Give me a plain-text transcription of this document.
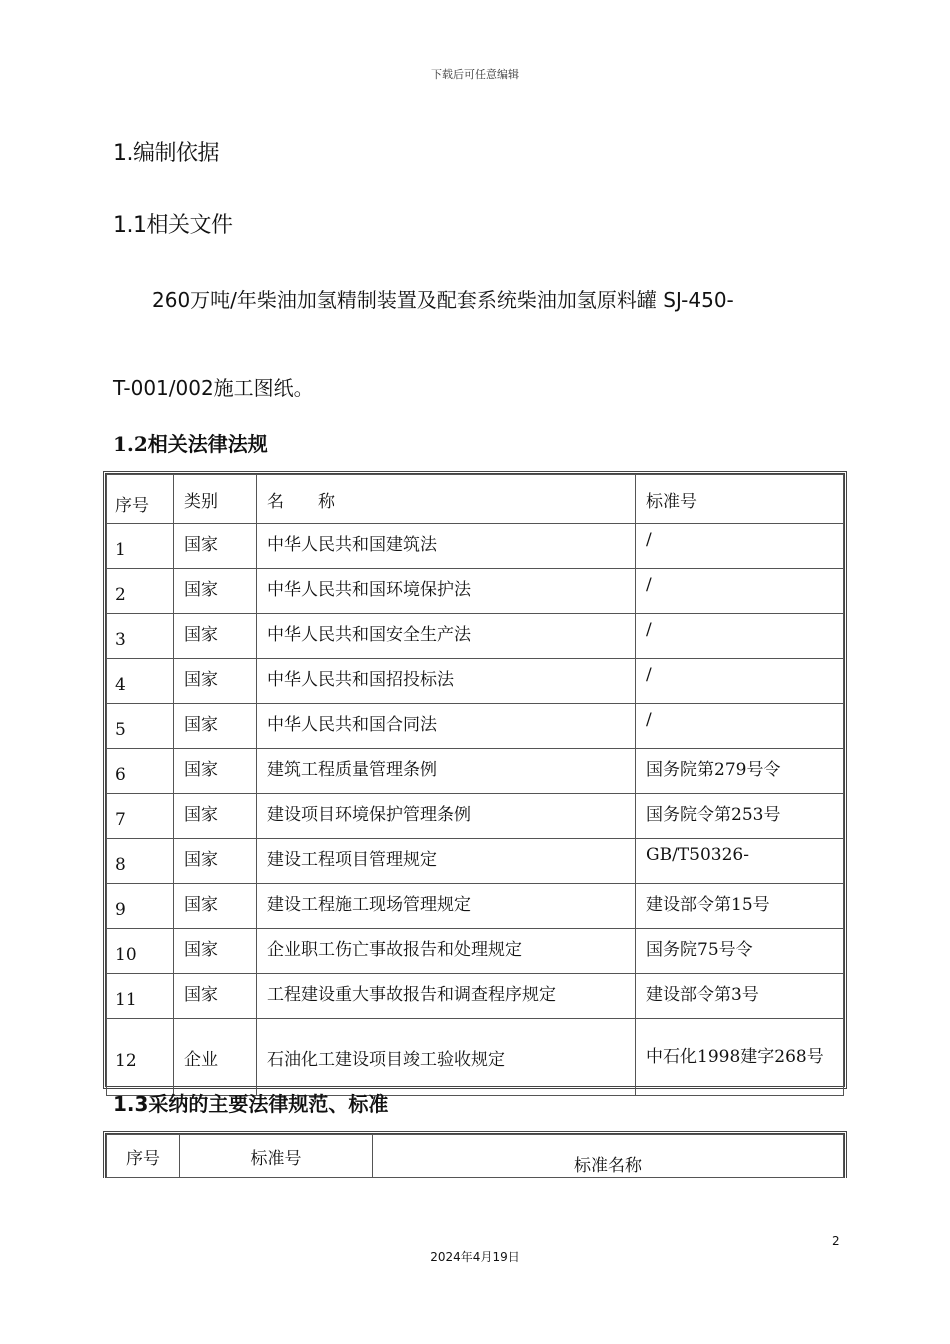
下载后可任意编辑
1.编制依据
1.1相关文件
260万吨/年柴油加氢精制装置及配套系统柴油加氢原料罐 SJ-450-
T-001/002施工图纸。
1.2相关法律法规
序号	类别	名　　称	标准号
1	国家	中华人民共和国建筑法	/
2	国家	中华人民共和国环境保护法	/
3	国家	中华人民共和国安全生产法	/
4	国家	中华人民共和国招投标法	/
5	国家	中华人民共和国合同法	/
6	国家	建筑工程质量管理条例	国务院第279号令
7	国家	建设项目环境保护管理条例	国务院令第253号
8	国家	建设工程项目管理规定	GB/T50326-
9	国家	建设工程施工现场管理规定	建设部令第15号
10	国家	企业职工伤亡事故报告和处理规定	国务院75号令
11	国家	工程建设重大事故报告和调查程序规定	建设部令第3号
12	企业	石油化工建设项目竣工验收规定	中石化1998建字268号
1.3采纳的主要法律规范、标准
序号	标准号	标准名称
2
2024年4月19日
